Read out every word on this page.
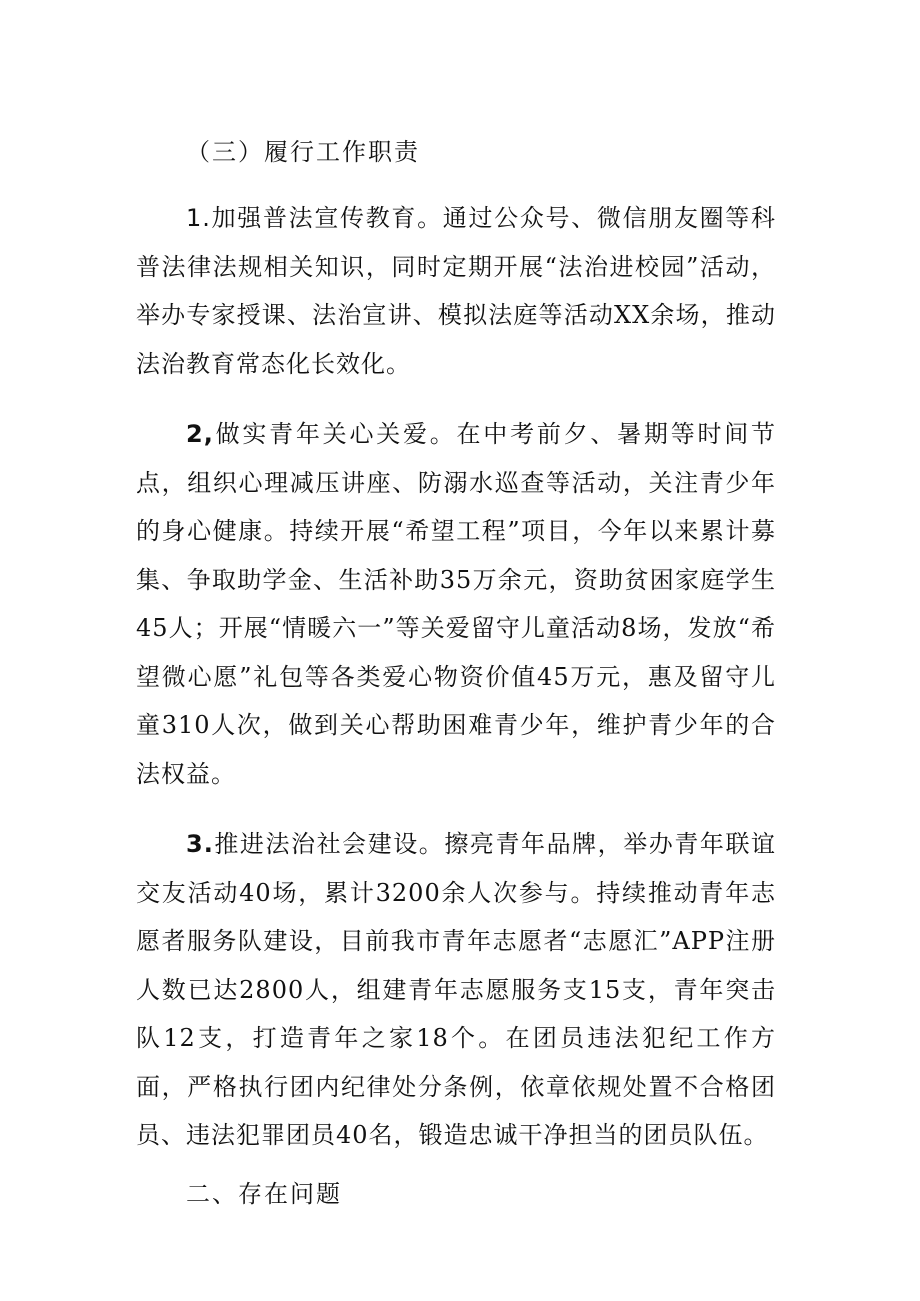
（三）履行工作职责

1.加强普法宣传教育。通过公众号、微信朋友圈等科普法律法规相关知识，同时定期开展“法治进校园”活动，举办专家授课、法治宣讲、模拟法庭等活动XX余场，推动法治教育常态化长效化。

2,做实青年关心关爱。在中考前夕、暑期等时间节点，组织心理减压讲座、防溺水巡查等活动，关注青少年的身心健康。持续开展“希望工程”项目，今年以来累计募集、争取助学金、生活补助35万余元，资助贫困家庭学生45人；开展“情暖六一”等关爱留守儿童活动8场，发放“希望微心愿”礼包等各类爱心物资价值45万元，惠及留守儿童310人次，做到关心帮助困难青少年，维护青少年的合法权益。

3.推进法治社会建设。擦亮青年品牌，举办青年联谊交友活动40场，累计3200余人次参与。持续推动青年志愿者服务队建设，目前我市青年志愿者“志愿汇”APP注册人数已达2800人，组建青年志愿服务支15支，青年突击队12支，打造青年之家18个。在团员违法犯纪工作方面，严格执行团内纪律处分条例，依章依规处置不合格团员、违法犯罪团员40名，锻造忠诚干净担当的团员队伍。

二、存在问题
